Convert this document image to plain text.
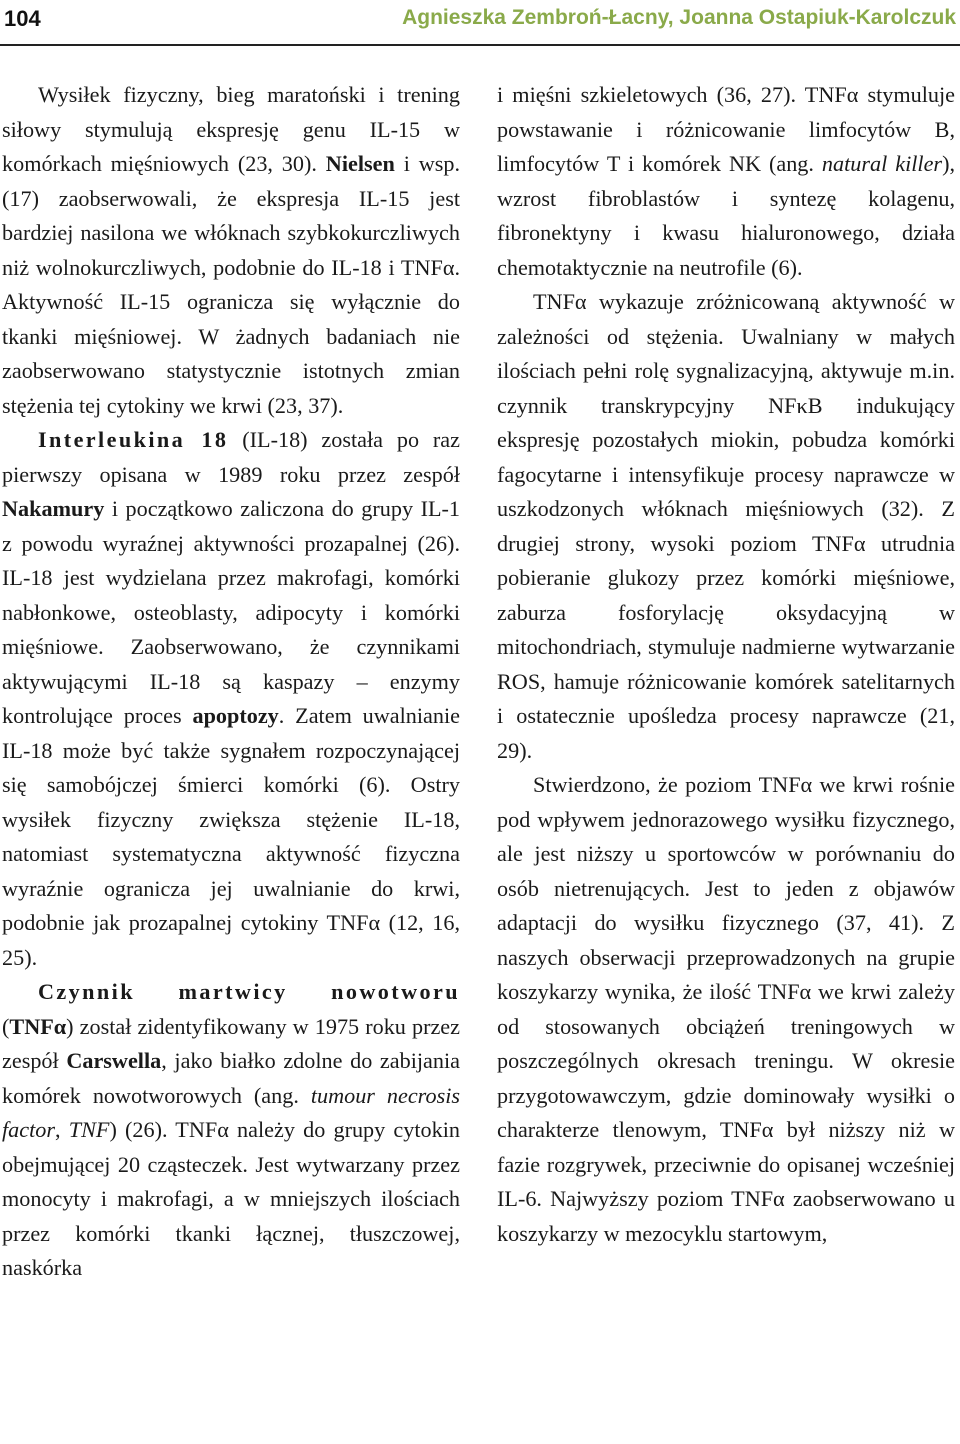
104	Agnieszka Zembroń-Łacny, Joanna Ostapiuk-Karolczuk

Wysiłek fizyczny, bieg maratoński i trening siłowy stymulują ekspresję genu IL-15 w komórkach mięśniowych (23, 30). Nielsen i wsp. (17) zaobserwowali, że ekspresja IL-15 jest bardziej nasilona we włóknach szybkokurczliwych niż wolnokurczliwych, podobnie do IL-18 i TNFα. Aktywność IL-15 ogranicza się wyłącznie do tkanki mięśniowej. W żadnych badaniach nie zaobserwowano statystycznie istotnych zmian stężenia tej cytokiny we krwi (23, 37).

Interleukina 18 (IL-18) została po raz pierwszy opisana w 1989 roku przez zespół Nakamury i początkowo zaliczona do grupy IL-1 z powodu wyraźnej aktywności prozapalnej (26). IL-18 jest wydzielana przez makrofagi, komórki nabłonkowe, osteoblasty, adipocyty i komórki mięśniowe. Zaobserwowano, że czynnikami aktywującymi IL-18 są kaspazy – enzymy kontrolujące proces apoptozy. Zatem uwalnianie IL-18 może być także sygnałem rozpoczynającej się samobójczej śmierci komórki (6). Ostry wysiłek fizyczny zwiększa stężenie IL-18, natomiast systematyczna aktywność fizyczna wyraźnie ogranicza jej uwalnianie do krwi, podobnie jak prozapalnej cytokiny TNFα (12, 16, 25).

Czynnik martwicy nowotworu (TNFα) został zidentyfikowany w 1975 roku przez zespół Carswella, jako białko zdolne do zabijania komórek nowotworowych (ang. tumour necrosis factor, TNF) (26). TNFα należy do grupy cytokin obejmującej 20 cząsteczek. Jest wytwarzany przez monocyty i makrofagi, a w mniejszych ilościach przez komórki tkanki łącznej, tłuszczowej, naskórka

i mięśni szkieletowych (36, 27). TNFα stymuluje powstawanie i różnicowanie limfocytów B, limfocytów T i komórek NK (ang. natural killer), wzrost fibroblastów i syntezę kolagenu, fibronektyny i kwasu hialuronowego, działa chemotaktycznie na neutrofile (6).

TNFα wykazuje zróżnicowaną aktywność w zależności od stężenia. Uwalniany w małych ilościach pełni rolę sygnalizacyjną, aktywuje m.in. czynnik transkrypcyjny NFκB indukujący ekspresję pozostałych miokin, pobudza komórki fagocytarne i intensyfikuje procesy naprawcze w uszkodzonych włóknach mięśniowych (32). Z drugiej strony, wysoki poziom TNFα utrudnia pobieranie glukozy przez komórki mięśniowe, zaburza fosforylację oksydacyjną w mitochondriach, stymuluje nadmierne wytwarzanie ROS, hamuje różnicowanie komórek satelitarnych i ostatecznie upośledza procesy naprawcze (21, 29).

Stwierdzono, że poziom TNFα we krwi rośnie pod wpływem jednorazowego wysiłku fizycznego, ale jest niższy u sportowców w porównaniu do osób nietrenujących. Jest to jeden z objawów adaptacji do wysiłku fizycznego (37, 41). Z naszych obserwacji przeprowadzonych na grupie koszykarzy wynika, że ilość TNFα we krwi zależy od stosowanych obciążeń treningowych w poszczególnych okresach treningu. W okresie przygotowawczym, gdzie dominowały wysiłki o charakterze tlenowym, TNFα był niższy niż w fazie rozgrywek, przeciwnie do opisanej wcześniej IL-6. Najwyższy poziom TNFα zaobserwowano u koszykarzy w mezocyklu startowym,
